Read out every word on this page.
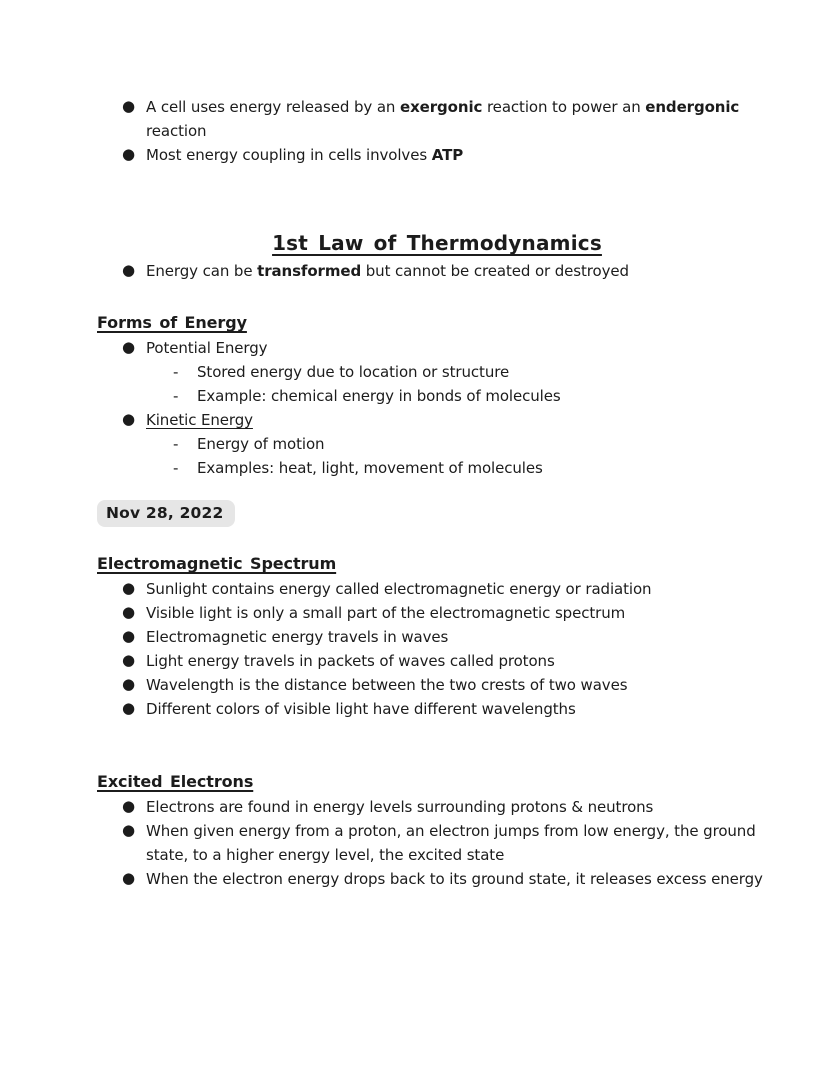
● A cell uses energy released by an exergonic reaction to power an endergonic
reaction
● Most energy coupling in cells involves ATP
1st Law of Thermodynamics
● Energy can be transformed but cannot be created or destroyed
Forms of Energy
● Potential Energy
- Stored energy due to location or structure
- Example: chemical energy in bonds of molecules
● Kinetic Energy
- Energy of motion
- Examples: heat, light, movement of molecules
Nov 28, 2022
Electromagnetic Spectrum
● Sunlight contains energy called electromagnetic energy or radiation
● Visible light is only a small part of the electromagnetic spectrum
● Electromagnetic energy travels in waves
● Light energy travels in packets of waves called protons
● Wavelength is the distance between the two crests of two waves
● Different colors of visible light have different wavelengths
Excited Electrons
● Electrons are found in energy levels surrounding protons & neutrons
● When given energy from a proton, an electron jumps from low energy, the ground
state, to a higher energy level, the excited state
● When the electron energy drops back to its ground state, it releases excess energy
